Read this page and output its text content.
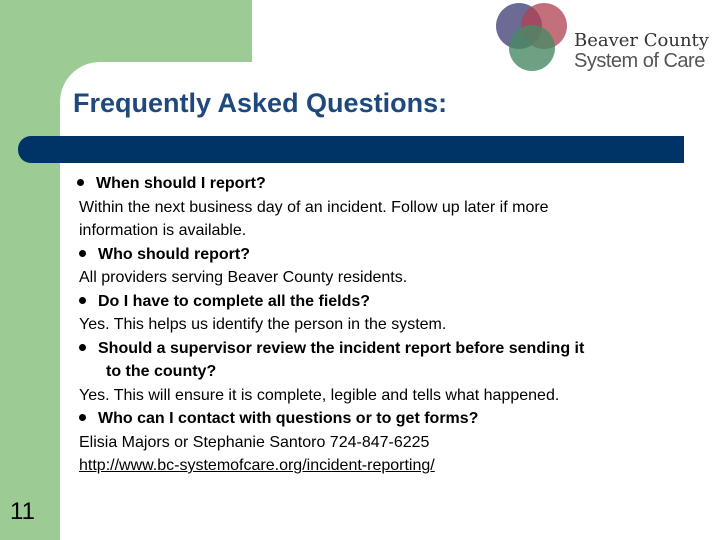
Beaver County
System of Care
Frequently Asked Questions:
When should I report?
Within the next business day of an incident. Follow up later if more
information is available.
Who should report?
All providers serving Beaver County residents.
Do I have to complete all the fields?
Yes. This helps us identify the person in the system.
Should a supervisor review the incident report before sending it
to the county?
Yes. This will ensure it is complete, legible and tells what happened.
Who can I contact with questions or to get forms?
Elisia Majors or Stephanie Santoro 724-847-6225
http://www.bc-systemofcare.org/incident-reporting/
11
